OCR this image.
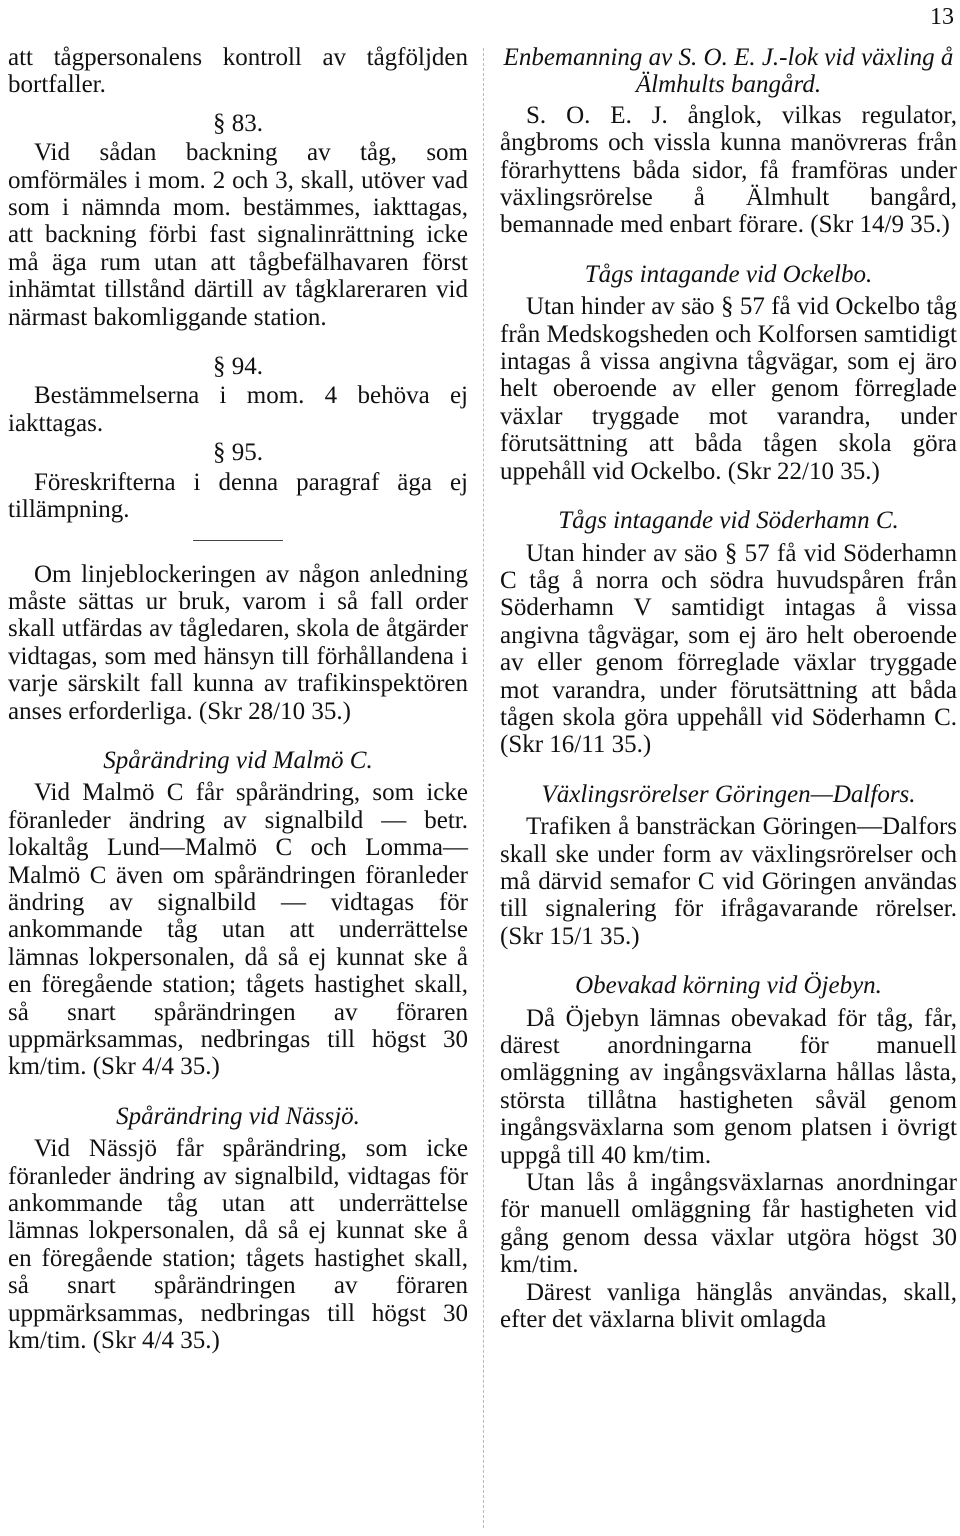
13

att tågpersonalens kontroll av tågföljden bortfaller.

§ 83.

Vid sådan backning av tåg, som omförmäles i mom. 2 och 3, skall, utöver vad som i nämnda mom. bestämmes, iakttagas, att backning förbi fast signalinrättning icke må äga rum utan att tågbefälhavaren först inhämtat tillstånd därtill av tågklareraren vid närmast bakomliggande station.

§ 94.

Bestämmelserna i mom. 4 behöva ej iakttagas.

§ 95.

Föreskrifterna i denna paragraf äga ej tillämpning.

Om linjeblockeringen av någon anledning måste sättas ur bruk, varom i så fall order skall utfärdas av tågledaren, skola de åtgärder vidtagas, som med hänsyn till förhållandena i varje särskilt fall kunna av trafikinspektören anses erforderliga. (Skr 28/10 35.)

Spårändring vid Malmö C.

Vid Malmö C får spårändring, som icke föranleder ändring av signalbild — betr. lokaltåg Lund—Malmö C och Lomma—Malmö C även om spårändringen föranleder ändring av signalbild — vidtagas för ankommande tåg utan att underrättelse lämnas lokpersonalen, då så ej kunnat ske å en föregående station; tågets hastighet skall, så snart spårändringen av föraren uppmärksammas, nedbringas till högst 30 km/tim. (Skr 4/4 35.)

Spårändring vid Nässjö.

Vid Nässjö får spårändring, som icke föranleder ändring av signalbild, vidtagas för ankommande tåg utan att underrättelse lämnas lokpersonalen, då så ej kunnat ske å en föregående station; tågets hastighet skall, så snart spårändringen av föraren uppmärksammas, nedbringas till högst 30 km/tim. (Skr 4/4 35.)

Enbemanning av S. O. E. J.-lok vid växling å Älmhults bangård.

S. O. E. J. ånglok, vilkas regulator, ångbroms och vissla kunna manövreras från förarhyttens båda sidor, få framföras under växlingsrörelse å Älmhult bangård, bemannade med enbart förare. (Skr 14/9 35.)

Tågs intagande vid Ockelbo.

Utan hinder av säo § 57 få vid Ockelbo tåg från Medskogsheden och Kolforsen samtidigt intagas å vissa angivna tågvägar, som ej äro helt oberoende av eller genom förreglade växlar tryggade mot varandra, under förutsättning att båda tågen skola göra uppehåll vid Ockelbo. (Skr 22/10 35.)

Tågs intagande vid Söderhamn C.

Utan hinder av säo § 57 få vid Söderhamn C tåg å norra och södra huvudspåren från Söderhamn V samtidigt intagas å vissa angivna tågvägar, som ej äro helt oberoende av eller genom förreglade växlar tryggade mot varandra, under förutsättning att båda tågen skola göra uppehåll vid Söderhamn C. (Skr 16/11 35.)

Växlingsrörelser Göringen—Dalfors.

Trafiken å bansträckan Göringen—Dalfors skall ske under form av växlingsrörelser och må därvid semafor C vid Göringen användas till signalering för ifrågavarande rörelser. (Skr 15/1 35.)

Obevakad körning vid Öjebyn.

Då Öjebyn lämnas obevakad för tåg, får, därest anordningarna för manuell omläggning av ingångsväxlarna hållas låsta, största tillåtna hastigheten såväl genom ingångsväxlarna som genom platsen i övrigt uppgå till 40 km/tim.

Utan lås å ingångsväxlarnas anordningar för manuell omläggning får hastigheten vid gång genom dessa växlar utgöra högst 30 km/tim.

Därest vanliga hänglås användas, skall, efter det växlarna blivit omlagda
